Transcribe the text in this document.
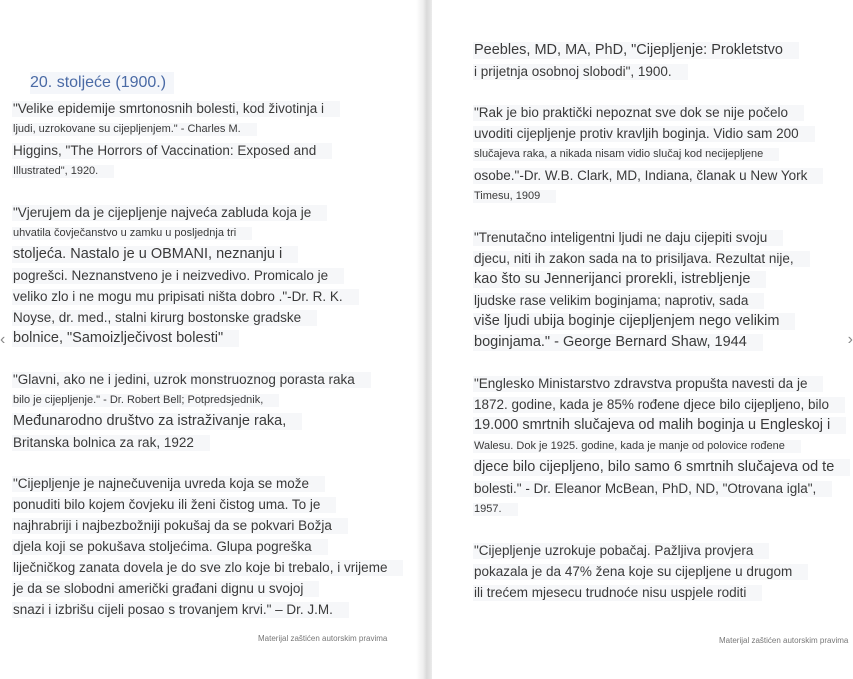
20. stoljeće (1900.)
"Velike epidemije smrtonosnih bolesti, kod životinja i
ljudi, uzrokovane su cijepljenjem." - Charles M.
Higgins, "The Horrors of Vaccination: Exposed and
Illustrated", 1920.
"Vjerujem da je cijepljenje najveća zabluda koja je
uhvatila čovječanstvo u zamku u posljednja tri
stoljeća. Nastalo je u OBMANI, neznanju i
pogrešci. Neznanstveno je i neizvedivo. Promicalo je
veliko zlo i ne mogu mu pripisati ništa dobro ."-Dr. R. K.
Noyse, dr. med., stalni kirurg bostonske gradske
bolnice, "Samoizlječivost bolesti"
"Glavni, ako ne i jedini, uzrok monstruoznog porasta raka
bilo je cijepljenje." - Dr. Robert Bell; Potpredsjednik,
Međunarodno društvo za istraživanje raka,
Britanska bolnica za rak, 1922
"Cijepljenje je najnečuvenija uvreda koja se može
ponuditi bilo kojem čovjeku ili ženi čistog uma. To je
najhrabriji i najbezbožniji pokušaj da se pokvari Božja
djela koji se pokušava stoljećima. Glupa pogreška
liječničkog zanata dovela je do sve zlo koje bi trebalo, i vrijeme
je da se slobodni američki građani dignu u svojoj
snazi i izbrišu cijeli posao s trovanjem krvi." – Dr. J.M.
Materijal zaštićen autorskim pravima
Peebles, MD, MA, PhD, "Cijepljenje: Prokletstvo
i prijetnja osobnoj slobodi", 1900.
"Rak je bio praktički nepoznat sve dok se nije počelo
uvoditi cijepljenje protiv kravljih boginja. Vidio sam 200
slučajeva raka, a nikada nisam vidio slučaj kod necijepljene
osobe."-Dr. W.B. Clark, MD, Indiana, članak u New York
Timesu, 1909
"Trenutačno inteligentni ljudi ne daju cijepiti svoju
djecu, niti ih zakon sada na to prisiljava. Rezultat nije,
kao što su Jennerijanci prorekli, istrebljenje
ljudske rase velikim boginjama; naprotiv, sada
više ljudi ubija boginje cijepljenjem nego velikim
boginjama." - George Bernard Shaw, 1944
"Englesko Ministarstvo zdravstva propušta navesti da je
1872. godine, kada je 85% rođene djece bilo cijepljeno, bilo
19.000 smrtnih slučajeva od malih boginja u Engleskoj i
Walesu. Dok je 1925. godine, kada je manje od polovice rođene
djece bilo cijepljeno, bilo samo 6 smrtnih slučajeva od te
bolesti." - Dr. Eleanor McBean, PhD, ND, "Otrovana igla",
1957.
"Cijepljenje uzrokuje pobačaj. Pažljiva provjera
pokazala je da 47% žena koje su cijepljene u drugom
ili trećem mjesecu trudnoće nisu uspjele roditi
Materijal zaštićen autorskim pravima
‹	›
